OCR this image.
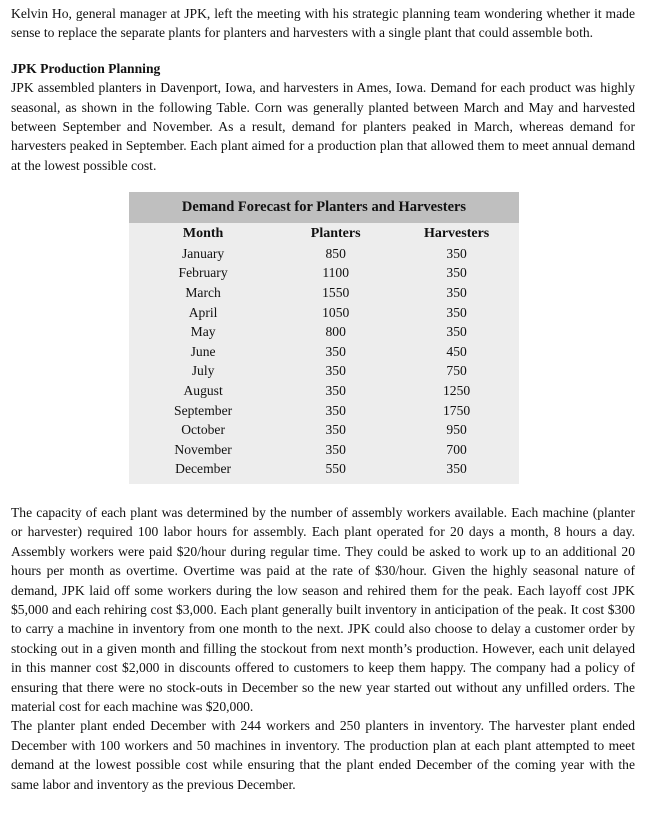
Kelvin Ho, general manager at JPK, left the meeting with his strategic planning team wondering whether it made sense to replace the separate plants for planters and harvesters with a single plant that could assemble both.

JPK Production Planning

JPK assembled planters in Davenport, Iowa, and harvesters in Ames, Iowa. Demand for each product was highly seasonal, as shown in the following Table. Corn was generally planted between March and May and harvested between September and November. As a result, demand for planters peaked in March, whereas demand for harvesters peaked in September. Each plant aimed for a production plan that allowed them to meet annual demand at the lowest possible cost.

Demand Forecast for Planters and Harvesters
Month	Planters	Harvesters
January	850	350
February	1100	350
March	1550	350
April	1050	350
May	800	350
June	350	450
July	350	750
August	350	1250
September	350	1750
October	350	950
November	350	700
December	550	350

The capacity of each plant was determined by the number of assembly workers available. Each machine (planter or harvester) required 100 labor hours for assembly. Each plant operated for 20 days a month, 8 hours a day. Assembly workers were paid $20/hour during regular time. They could be asked to work up to an additional 20 hours per month as overtime. Overtime was paid at the rate of $30/hour. Given the highly seasonal nature of demand, JPK laid off some workers during the low season and rehired them for the peak. Each layoff cost JPK $5,000 and each rehiring cost $3,000. Each plant generally built inventory in anticipation of the peak. It cost $300 to carry a machine in inventory from one month to the next. JPK could also choose to delay a customer order by stocking out in a given month and filling the stockout from next month’s production. However, each unit delayed in this manner cost $2,000 in discounts offered to customers to keep them happy. The company had a policy of ensuring that there were no stock-outs in December so the new year started out without any unfilled orders. The material cost for each machine was $20,000.

The planter plant ended December with 244 workers and 250 planters in inventory. The harvester plant ended December with 100 workers and 50 machines in inventory. The production plan at each plant attempted to meet demand at the lowest possible cost while ensuring that the plant ended December of the coming year with the same labor and inventory as the previous December.
